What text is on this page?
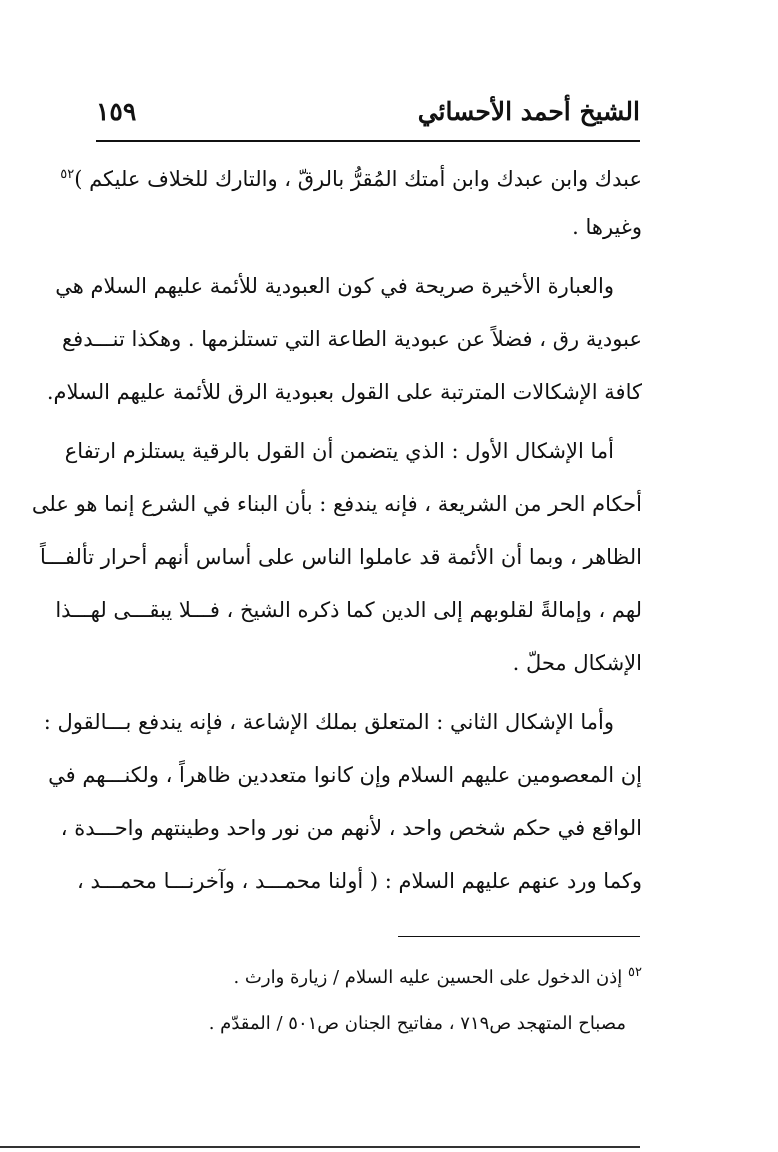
الشيخ أحمد الأحسائي
١٥٩
عبدك وابن عبدك وابن أمتك المُقرُّ بالرقّ ، والتارك للخلاف عليكم )$^{٥٢}$
وغيرها .
والعبارة الأخيرة صريحة في كون العبودية للأئمة عليهم السلام هي
عبودية رق ، فضلاً عن عبودية الطاعة التي تستلزمها . وهكذا تنـــدفع
كافة الإشكالات المترتبة على القول بعبودية الرق للأئمة عليهم السلام.
أما الإشكال الأول : الذي يتضمن أن القول بالرقية يستلزم ارتفاع
أحكام الحر من الشريعة ، فإنه يندفع : بأن البناء في الشرع إنما هو على
الظاهر ، وبما أن الأئمة قد عاملوا الناس على أساس أنهم أحرار تألفـــاً
لهم ، وإمالةً لقلوبهم إلى الدين كما ذكره الشيخ ، فـــلا يبقـــى لهـــذا
الإشكال محلّ .
وأما الإشكال الثاني : المتعلق بملك الإشاعة ، فإنه يندفع بـــالقول :
إن المعصومين عليهم السلام وإن كانوا متعددين ظاهراً ، ولكنـــهم في
الواقع في حكم شخص واحد ، لأنهم من نور واحد وطينتهم واحـــدة ،
وكما ورد عنهم عليهم السلام : ( أولنا محمـــد ، وآخرنـــا محمـــد ،
$^{٥٢}$ إذن الدخول على الحسين عليه السلام / زيارة وارث .
مصباح المتهجد ص٧١٩ ، مفاتيح الجنان ص٥٠١ / المقدّم .
